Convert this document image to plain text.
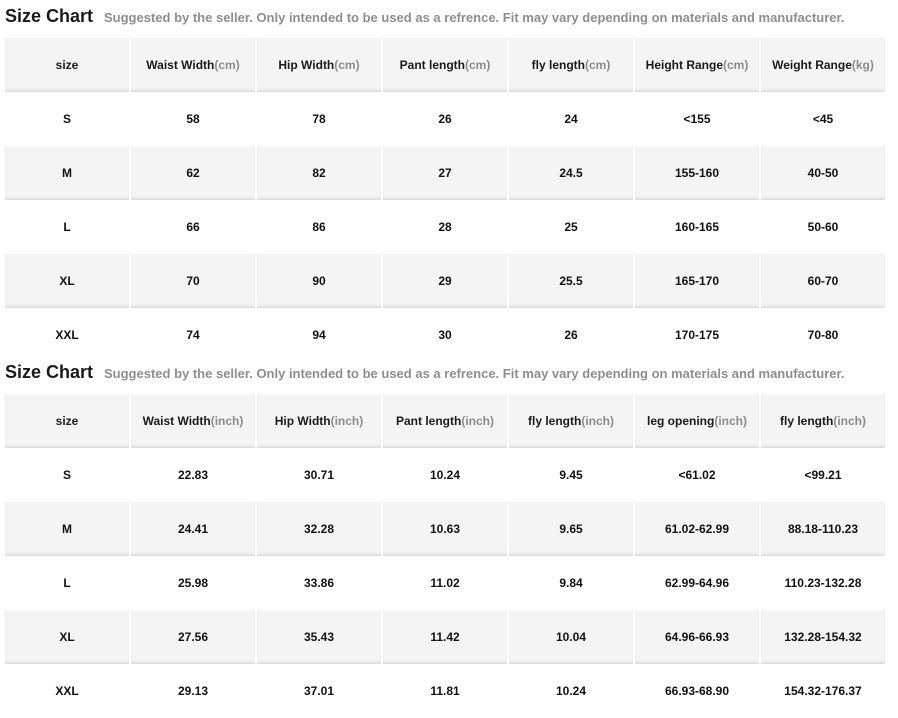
Size Chart Suggested by the seller. Only intended to be used as a refrence. Fit may vary depending on materials and manufacturer.
size	Waist Width(cm)	Hip Width(cm)	Pant length(cm)	fly length(cm)	Height Range(cm)	Weight Range(kg)
S	58	78	26	24	<155	<45
M	62	82	27	24.5	155-160	40-50
L	66	86	28	25	160-165	50-60
XL	70	90	29	25.5	165-170	60-70
XXL	74	94	30	26	170-175	70-80
Size Chart Suggested by the seller. Only intended to be used as a refrence. Fit may vary depending on materials and manufacturer.
size	Waist Width(inch)	Hip Width(inch)	Pant length(inch)	fly length(inch)	leg opening(inch)	fly length(inch)
S	22.83	30.71	10.24	9.45	<61.02	<99.21
M	24.41	32.28	10.63	9.65	61.02-62.99	88.18-110.23
L	25.98	33.86	11.02	9.84	62.99-64.96	110.23-132.28
XL	27.56	35.43	11.42	10.04	64.96-66.93	132.28-154.32
XXL	29.13	37.01	11.81	10.24	66.93-68.90	154.32-176.37
